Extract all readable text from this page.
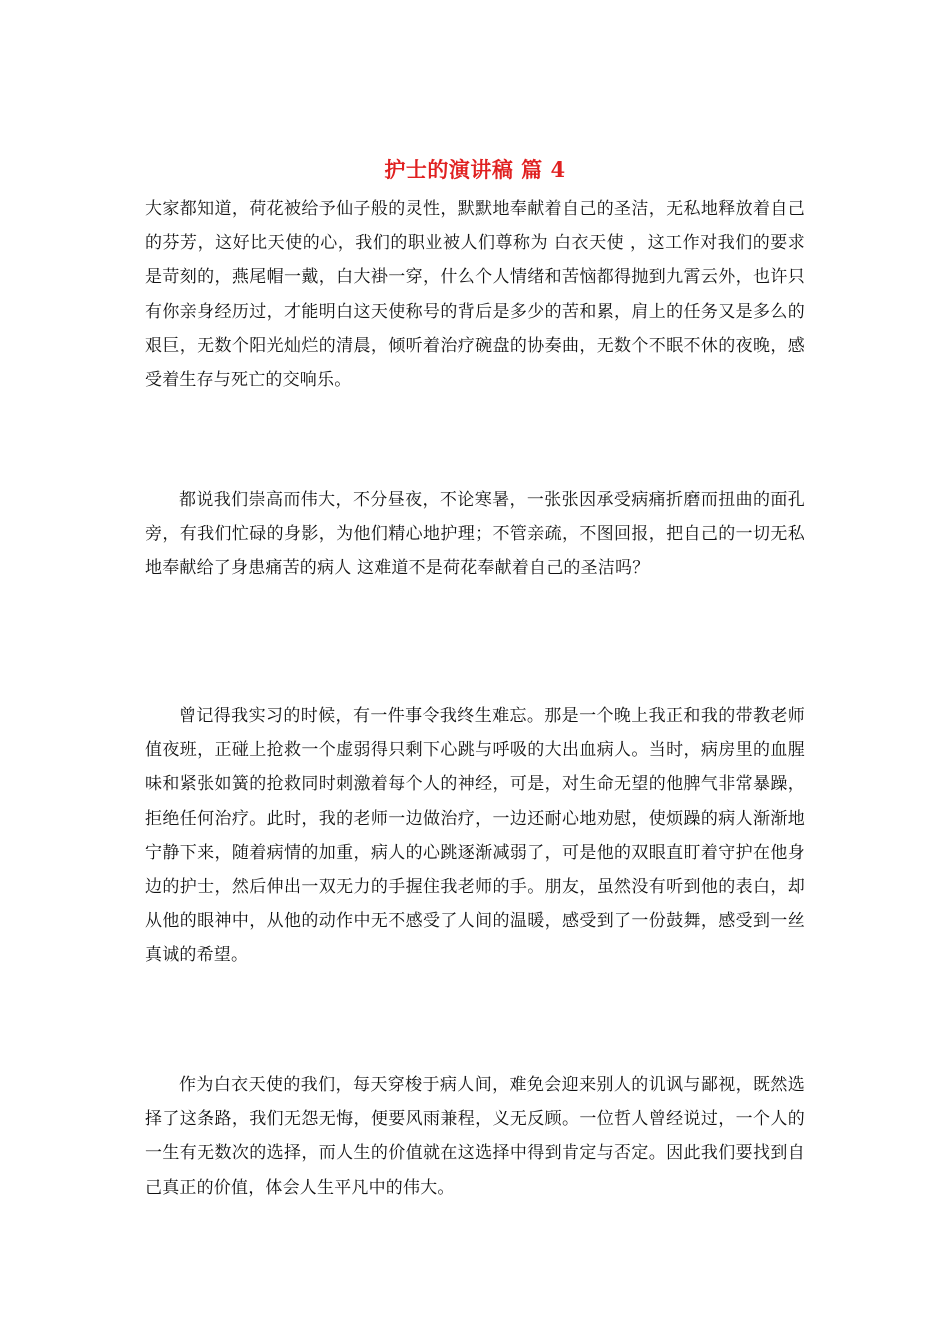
护士的演讲稿 篇 4

大家都知道，荷花被给予仙子般的灵性，默默地奉献着自己的圣洁，无私地释放着自己的芬芳，这好比天使的心，我们的职业被人们尊称为 白衣天使 ，这工作对我们的要求是苛刻的，燕尾帽一戴，白大褂一穿，什么个人情绪和苦恼都得抛到九霄云外，也许只有你亲身经历过，才能明白这天使称号的背后是多少的苦和累，肩上的任务又是多么的艰巨，无数个阳光灿烂的清晨，倾听着治疗碗盘的协奏曲，无数个不眠不休的夜晚，感受着生存与死亡的交响乐。

都说我们崇高而伟大，不分昼夜，不论寒暑，一张张因承受病痛折磨而扭曲的面孔旁，有我们忙碌的身影，为他们精心地护理；不管亲疏，不图回报，把自己的一切无私地奉献给了身患痛苦的病人 这难道不是荷花奉献着自己的圣洁吗？

曾记得我实习的时候，有一件事令我终生难忘。那是一个晚上我正和我的带教老师值夜班，正碰上抢救一个虚弱得只剩下心跳与呼吸的大出血病人。当时，病房里的血腥味和紧张如簧的抢救同时刺激着每个人的神经，可是，对生命无望的他脾气非常暴躁，拒绝任何治疗。此时，我的老师一边做治疗，一边还耐心地劝慰，使烦躁的病人渐渐地宁静下来，随着病情的加重，病人的心跳逐渐减弱了，可是他的双眼直盯着守护在他身边的护士，然后伸出一双无力的手握住我老师的手。朋友，虽然没有听到他的表白，却从他的眼神中，从他的动作中无不感受了人间的温暖，感受到了一份鼓舞，感受到一丝真诚的希望。

作为白衣天使的我们，每天穿梭于病人间，难免会迎来别人的讥讽与鄙视，既然选择了这条路，我们无怨无悔，便要风雨兼程，义无反顾。一位哲人曾经说过，一个人的一生有无数次的选择，而人生的价值就在这选择中得到肯定与否定。因此我们要找到自己真正的价值，体会人生平凡中的伟大。
